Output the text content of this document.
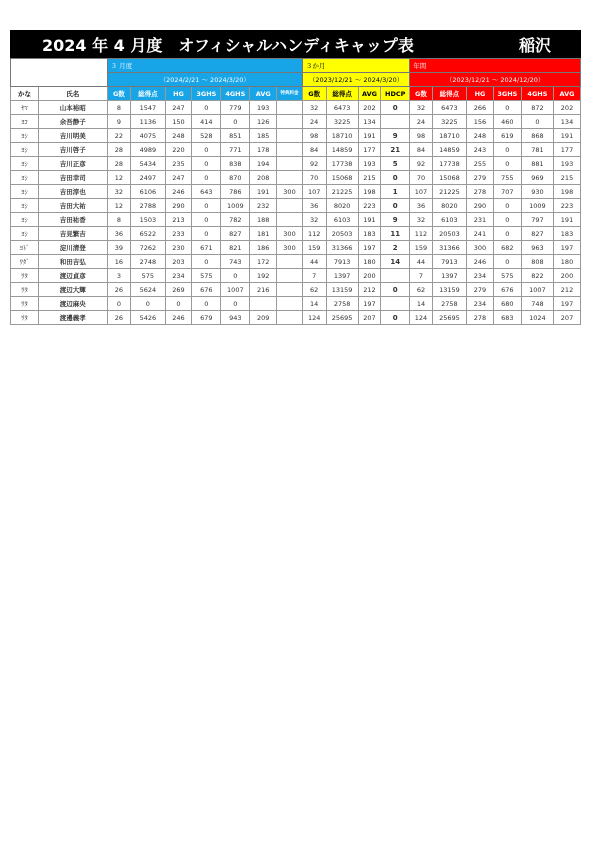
2024 年 4 月度　オフィシャルハンディキャップ表	稲沢
		３ 月度							３か月				年間					
		（2024/2/21 ～ 2024/3/20）							（2023/12/21 ～ 2024/3/20）				（2023/12/21 ～ 2024/12/20）					
かな	氏名	G数	総得点	HG	3GHS	4GHS	AVG	特典料金	G数	総得点	AVG	HDCP	G数	総得点	HG	3GHS	4GHS	AVG
ﾔﾏ	山本裕昭	8	1547	247	0	779	193		32	6473	202	0	32	6473	266	0	872	202
ﾖｺ	余吾静子	9	1136	150	414	0	126		24	3225	134		24	3225	156	460	0	134
ﾖｼ	吉川明美	22	4075	248	528	851	185		98	18710	191	9	98	18710	248	619	868	191
ﾖｼ	吉川啓子	28	4989	220	0	771	178		84	14859	177	21	84	14859	243	0	781	177
ﾖｼ	吉川正彦	28	5434	235	0	838	194		92	17738	193	5	92	17738	255	0	881	193
ﾖｼ	吉田幸司	12	2497	247	0	870	208		70	15068	215	0	70	15068	279	755	969	215
ﾖｼ	吉田淳也	32	6106	246	643	786	191	300	107	21225	198	1	107	21225	278	707	930	198
ﾖｼ	吉田大祐	12	2788	290	0	1009	232		36	8020	223	0	36	8020	290	0	1009	223
ﾖｼ	吉田祐香	8	1503	213	0	782	188		32	6103	191	9	32	6103	231	0	797	191
ﾖｼ	吉見繁吉	36	6522	233	0	827	181	300	112	20503	183	11	112	20503	241	0	827	183
ﾖﾄﾞ	淀川清登	39	7262	230	671	821	186	300	159	31366	197	2	159	31366	300	682	963	197
ﾜﾀﾞ	和田吉弘	16	2748	203	0	743	172		44	7913	180	14	44	7913	246	0	808	180
ﾜﾀ	渡辺貞彦	3	575	234	575	0	192		7	1397	200		7	1397	234	575	822	200
ﾜﾀ	渡辺大輝	26	5624	269	676	1007	216		62	13159	212	0	62	13159	279	676	1007	212
ﾜﾀ	渡辺麻央	0	0	0	0	0			14	2758	197		14	2758	234	680	748	197
ﾜﾀ	渡邊義孝	26	5426	246	679	943	209		124	25695	207	0	124	25695	278	683	1024	207
